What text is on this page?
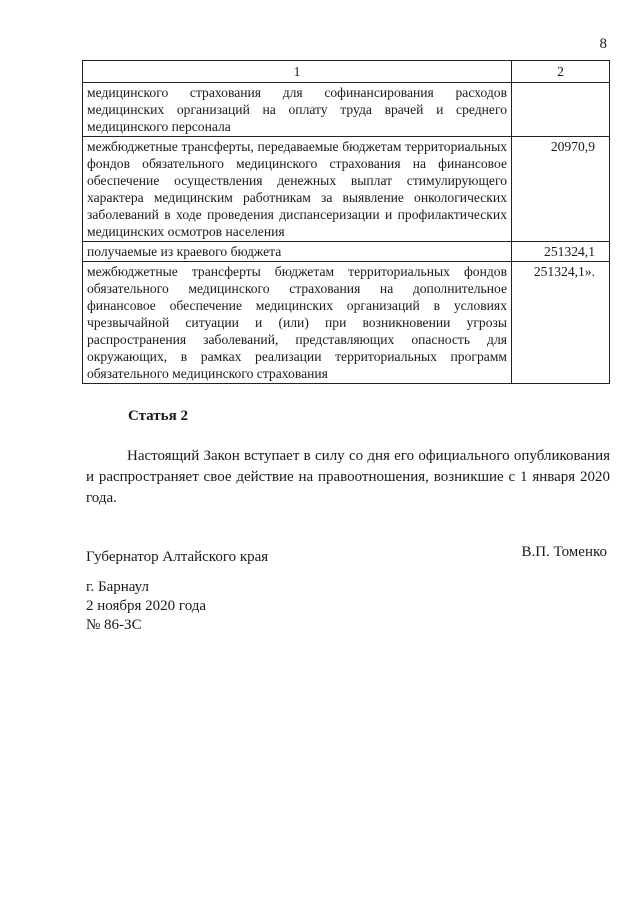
8
1	2
медицинского страхования для софинансирования расходов медицинских организаций на оплату труда врачей и среднего медицинского персонала	
межбюджетные трансферты, передаваемые бюджетам территориальных фондов обязательного медицинского страхования на финансовое обеспечение осуществления денежных выплат стимулирующего характера медицинским работникам за выявление онкологических заболеваний в ходе проведения диспансеризации и профилактических медицинских осмотров населения	20970,9
получаемые из краевого бюджета	251324,1
межбюджетные трансферты бюджетам территориальных фондов обязательного медицинского страхования на дополнительное финансовое обеспечение медицинских организаций в условиях чрезвычайной ситуации и (или) при возникновении угрозы распространения заболеваний, представляющих опасность для окружающих, в рамках реализации территориальных программ обязательного медицинского страхования	251324,1».
Статья 2

Настоящий Закон вступает в силу со дня его официального опубликования и распространяет свое действие на правоотношения, возникшие с 1 января 2020 года.

Губернатор Алтайского края	В.П. Томенко
г. Барнаул
2 ноября 2020 года
№ 86-ЗС
